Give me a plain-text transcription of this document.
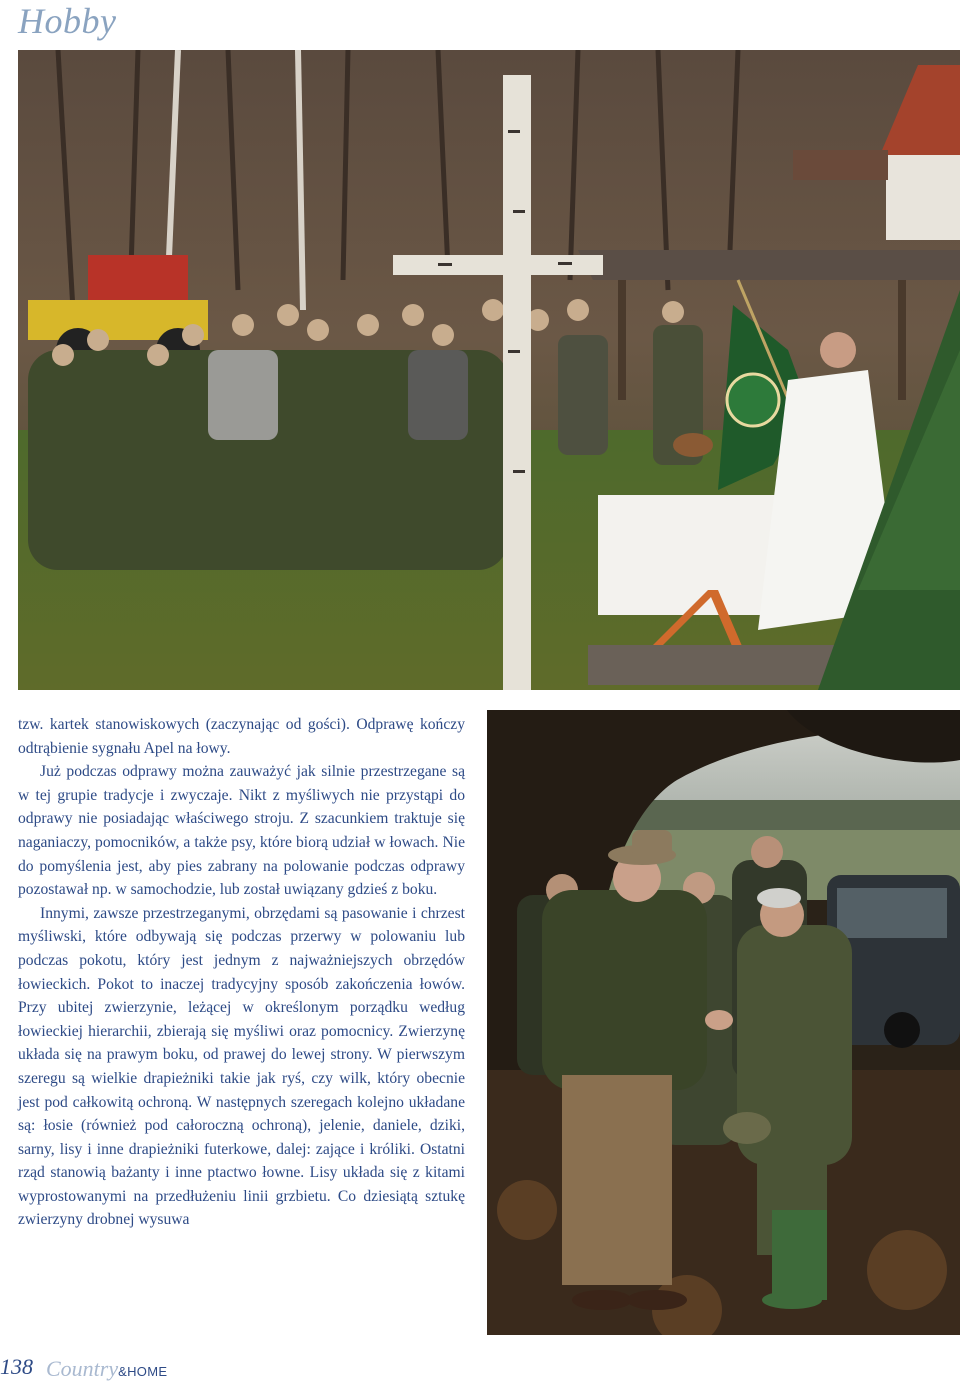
Hobby

tzw. kartek stanowiskowych (zaczynając od gości). Odprawę kończy odtrąbienie sygnału Apel na łowy.

Już podczas odprawy można zauważyć jak silnie przestrzegane są w tej grupie tradycje i zwyczaje. Nikt z myśliwych nie przystąpi do odprawy nie posiadając właściwego stroju. Z szacunkiem traktuje się naganiaczy, pomocników, a także psy, które biorą udział w łowach. Nie do pomyślenia jest, aby pies zabrany na polowanie podczas odprawy pozostawał np. w samochodzie, lub został uwiązany gdzieś z boku.

Innymi, zawsze przestrzeganymi, obrzędami są pasowanie i chrzest myśliwski, które odbywają się podczas przerwy w polowaniu lub podczas pokotu, który jest jednym z najważniejszych obrzędów łowieckich. Pokot to inaczej tradycyjny sposób zakończenia łowów. Przy ubitej zwierzynie, leżącej w określonym porządku według łowieckiej hierarchii, zbierają się myśliwi oraz pomocnicy. Zwierzynę układa się na prawym boku, od prawej do lewej strony. W pierwszym szeregu są wielkie drapieżniki takie jak ryś, czy wilk, który obecnie jest pod całkowitą ochroną. W następnych szeregach kolejno układane są: łosie (również pod całoroczną ochroną), jelenie, daniele, dziki, sarny, lisy i inne drapieżniki futerkowe, dalej: zające i króliki. Ostatni rząd stanowią bażanty i inne ptactwo łowne. Lisy układa się z kitami wyprostowanymi na przedłużeniu linii grzbietu. Co dziesiątą sztukę zwierzyny drobnej wysuwa

138 Country&HOME
